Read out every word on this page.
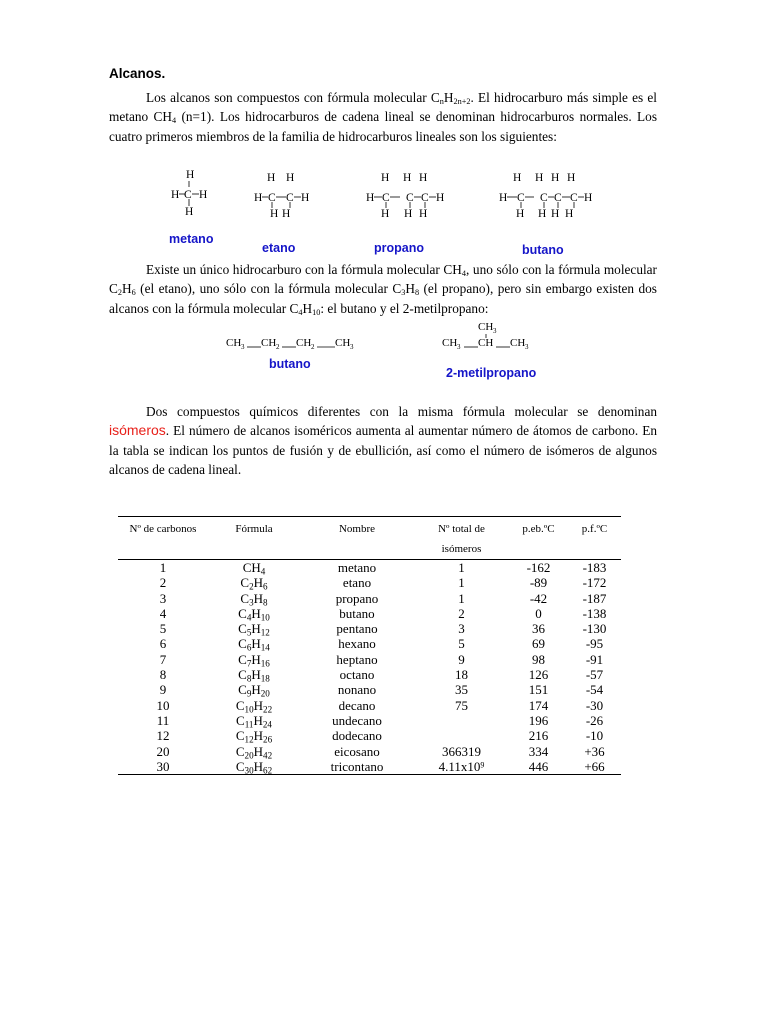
Alcanos.
Los alcanos son compuestos con fórmula molecular $C_nH_{2n+2}$. El hidrocarburo más simple es el metano $CH_4$ (n=1). Los hidrocarburos de cadena lineal se denominan hidrocarburos normales. Los cuatro primeros miembros de la familia de hidrocarburos lineales son los siguientes:
H
H C H
H
H H
H C C H
H H
H H H
H C C C H
H H H
H H H H
H C C C C H
H H H H
metano
etano	propano	butano
Existe un único hidrocarburo con la fórmula molecular $CH_4$, uno sólo con la fórmula molecular $C_2H_6$ (el etano), uno sólo con la fórmula molecular $C_3H_8$ (el propano), pero sin embargo existen dos alcanos con la fórmula molecular $C_4H_{10}$: el butano y el 2-metilpropano:
CH 3 CH 2 CH 2 CH 3
CH 3
CH 3 CH CH 3
butano
2-metilpropano
Dos compuestos químicos diferentes con la misma fórmula molecular se denominan isómeros. El número de alcanos isoméricos aumenta al aumentar número de átomos de carbono. En la tabla se indican los puntos de fusión y de ebullición, así como el número de isómeros de algunos alcanos de cadena lineal.
Nº de carbonos	Fórmula	Nombre	Nº total de isómeros	p.eb.ºC	p.f.ºC
1	$CH_4$	metano	1	-162	-183
2	$C_2H_6$	etano	1	-89	-172
3	$C_3H_8$	propano	1	-42	-187
4	$C_4H_{10}$	butano	2	0	-138
5	$C_5H_{12}$	pentano	3	36	-130
6	$C_6H_{14}$	hexano	5	69	-95
7	$C_7H_{16}$	heptano	9	98	-91
8	$C_8H_{18}$	octano	18	126	-57
9	$C_9H_{20}$	nonano	35	151	-54
10	$C_{10}H_{22}$	decano	75	174	-30
11	$C_{11}H_{24}$	undecano		196	-26
12	$C_{12}H_{26}$	dodecano		216	-10
20	$C_{20}H_{42}$	eicosano	366319	334	+36
30	$C_{30}H_{62}$	tricontano	$4.11x10^9$	446	+66
